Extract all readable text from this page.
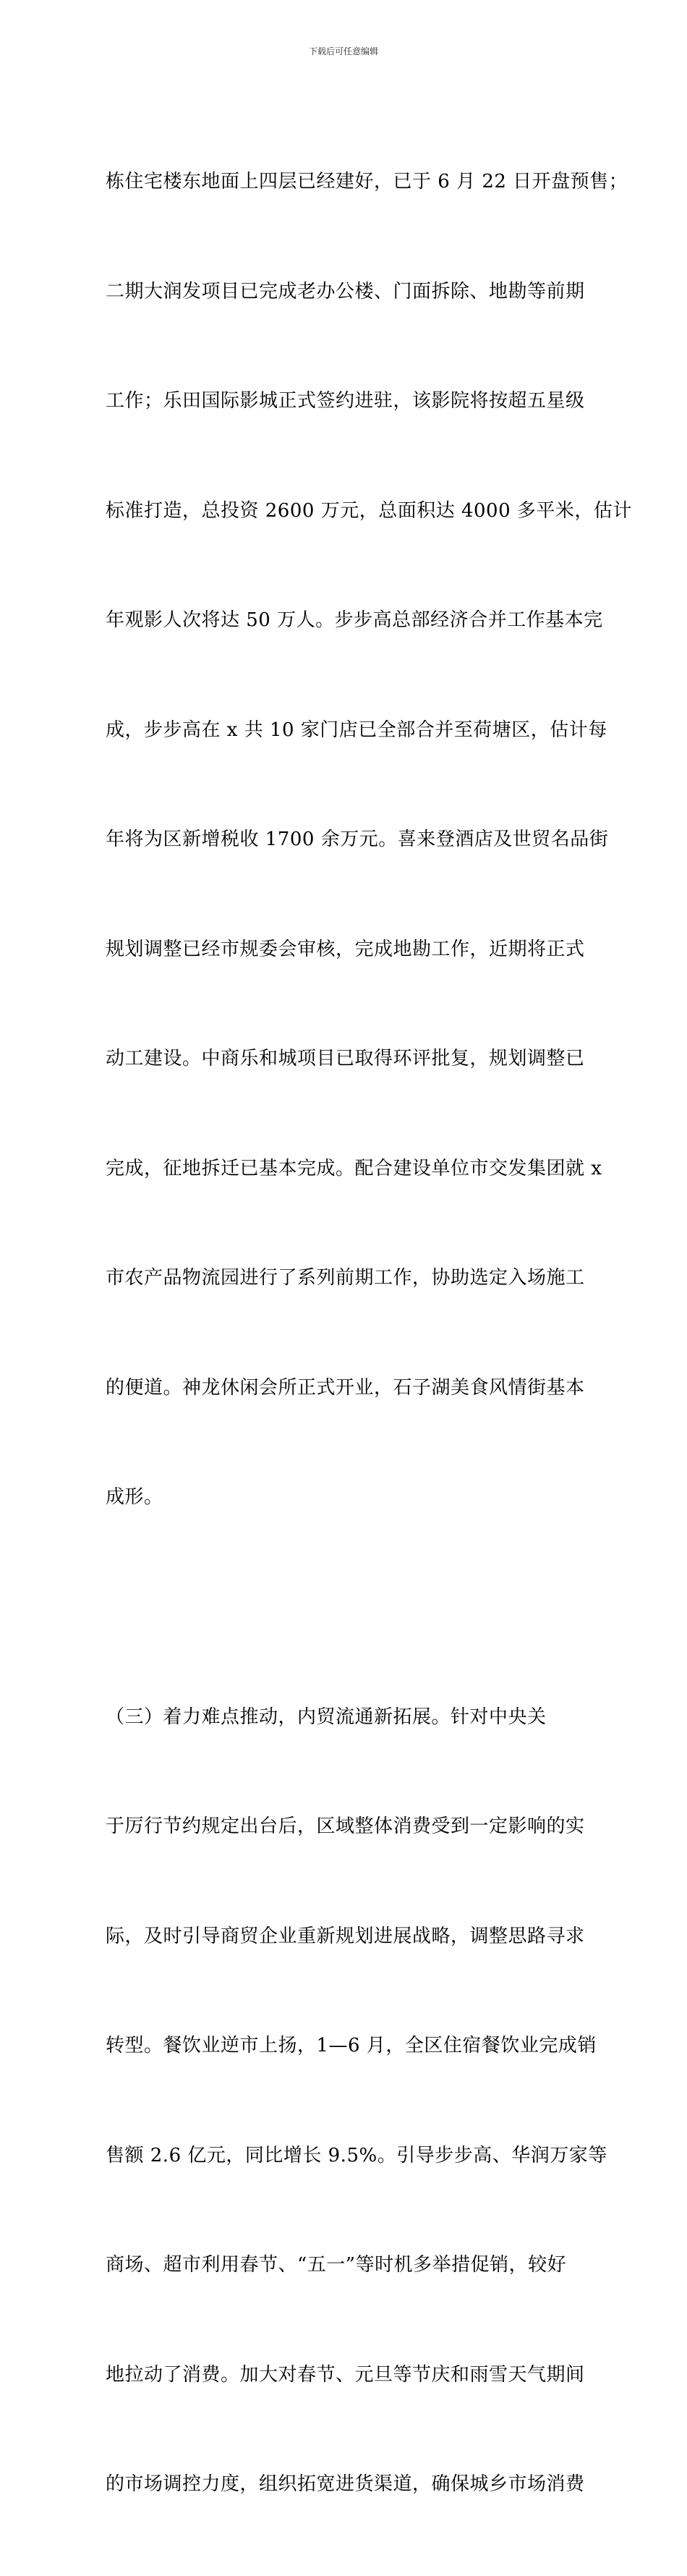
下载后可任意编辑

栋住宅楼东地面上四层已经建好，已于 6 月 22 日开盘预售；

二期大润发项目已完成老办公楼、门面拆除、地勘等前期

工作；乐田国际影城正式签约进驻，该影院将按超五星级

标准打造，总投资 2600 万元，总面积达 4000 多平米，估计

年观影人次将达 50 万人。步步高总部经济合并工作基本完

成，步步高在 x 共 10 家门店已全部合并至荷塘区，估计每

年将为区新增税收 1700 余万元。喜来登酒店及世贸名品街

规划调整已经市规委会审核，完成地勘工作，近期将正式

动工建设。中商乐和城项目已取得环评批复，规划调整已

完成，征地拆迁已基本完成。配合建设单位市交发集团就 x

市农产品物流园进行了系列前期工作，协助选定入场施工

的便道。神龙休闲会所正式开业，石子湖美食风情街基本

成形。

（三）着力难点推动，内贸流通新拓展。针对中央关

于厉行节约规定出台后，区域整体消费受到一定影响的实

际，及时引导商贸企业重新规划进展战略，调整思路寻求

转型。餐饮业逆市上扬，1—6 月，全区住宿餐饮业完成销

售额 2.6 亿元，同比增长 9.5%。引导步步高、华润万家等

商场、超市利用春节、“五一”等时机多举措促销，较好

地拉动了消费。加大对春节、元旦等节庆和雨雪天气期间

的市场调控力度，组织拓宽进货渠道，确保城乡市场消费
